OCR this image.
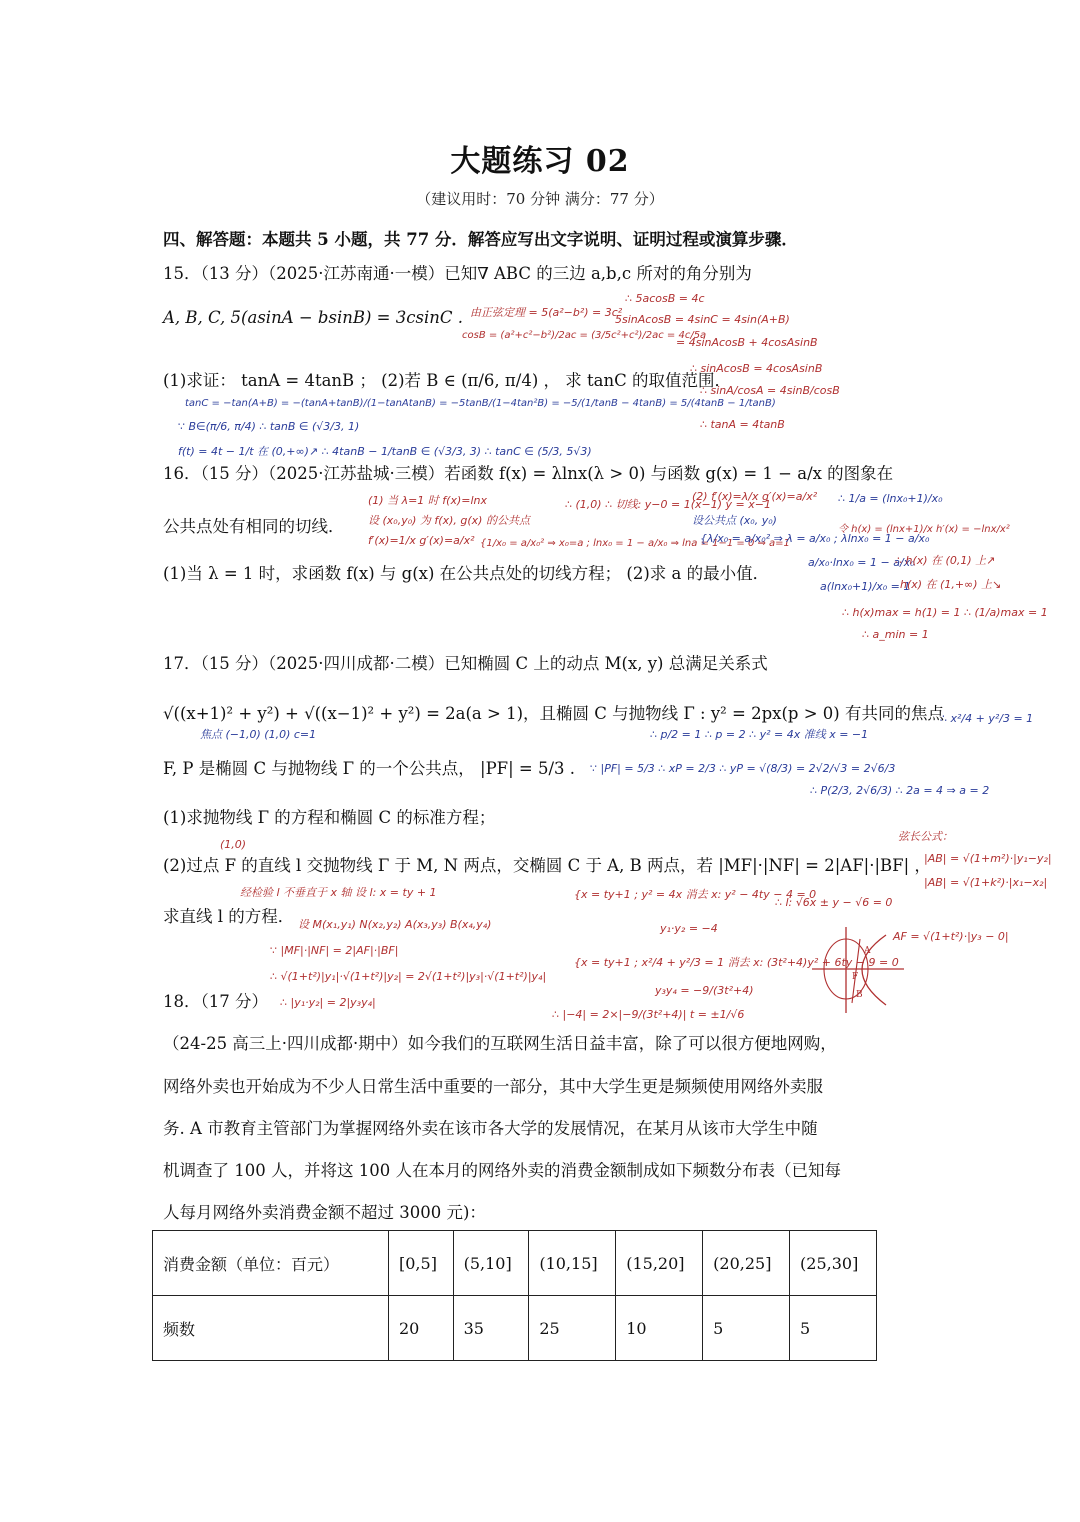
大题练习 02
（建议用时：70 分钟 满分：77 分）
四、解答题：本题共 5 小题，共 77 分．解答应写出文字说明、证明过程或演算步骤．
15．（13 分）（2025·江苏南通·一模）已知∇ ABC 的三边 a,b,c 所对的角分别为
A, B, C, 5(asinA − bsinB) = 3csinC .
(1)求证： tanA = 4tanB ； (2)若 B ∈ (π/6, π/4) ， 求 tanC 的取值范围．
由正弦定理 = 5(a²−b²) = 3c²
∴ 5acosB = 4c
5sinAcosB = 4sinC = 4sin(A+B)
cosB = (a²+c²−b²)/2ac = (3/5c²+c²)/2ac = 4c/5a
= 4sinAcosB + 4cosAsinB
∴ sinAcosB = 4cosAsinB
∴ sinA/cosA = 4sinB/cosB
∴ tanA = 4tanB
tanC = −tan(A+B) = −(tanA+tanB)/(1−tanAtanB) = −5tanB/(1−4tan²B) = −5/(1/tanB − 4tanB) = 5/(4tanB − 1/tanB)
∵ B∈(π/6, π/4) ∴ tanB ∈ (√3/3, 1)
f(t) = 4t − 1/t 在 (0,+∞)↗ ∴ 4tanB − 1/tanB ∈ (√3/3, 3) ∴ tanC ∈ (5/3, 5√3)
16．（15 分）（2025·江苏盐城·三模）若函数 f(x) = λlnx(λ > 0) 与函数 g(x) = 1 − a/x 的图象在
公共点处有相同的切线．
(1)当 λ = 1 时，求函数 f(x) 与 g(x) 在公共点处的切线方程； (2)求 a 的最小值．
(1) 当 λ=1 时 f(x)=lnx
设 (x₀,y₀) 为 f(x), g(x) 的公共点
f′(x)=1/x g′(x)=a/x² {1/x₀ = a/x₀² ⇒ x₀=a ; lnx₀ = 1 − a/x₀ ⇒ lna = 1−1 = 0 ⇒ a=1
∴ (1,0) ∴ 切线: y−0 = 1(x−1) y = x−1
(2) f′(x)=λ/x g′(x)=a/x²
设公共点 (x₀, y₀)
{λ/x₀ = a/x₀² ⇒ λ = a/x₀ ; λlnx₀ = 1 − a/x₀
a/x₀·lnx₀ = 1 − a/x₀
a(lnx₀+1)/x₀ = 1
∴ 1/a = (lnx₀+1)/x₀
令 h(x) = (lnx+1)/x h′(x) = −lnx/x²
∴ h(x) 在 (0,1) 上↗
h(x) 在 (1,+∞) 上↘
∴ h(x)max = h(1) = 1 ∴ (1/a)max = 1
∴ a_min = 1
17．（15 分）（2025·四川成都·二模）已知椭圆 C 上的动点 M(x, y) 总满足关系式
√((x+1)² + y²) + √((x−1)² + y²) = 2a(a > 1)，且椭圆 C 与抛物线 Γ : y² = 2px(p > 0) 有共同的焦点
F, P 是椭圆 C 与抛物线 Γ 的一个公共点， |PF| = 5/3 .
(1)求抛物线 Γ 的方程和椭圆 C 的标准方程；
(2)过点 F 的直线 l 交抛物线 Γ 于 M, N 两点，交椭圆 C 于 A, B 两点，若 |MF|·|NF| = 2|AF|·|BF| ，
求直线 l 的方程．
焦点 (−1,0) (1,0) c=1	∴ p/2 = 1 ∴ p = 2 ∴ y² = 4x 准线 x = −1
∴ x²/4 + y²/3 = 1
∵ |PF| = 5/3 ∴ xP = 2/3 ∴ yP = √(8/3) = 2√2/√3 = 2√6/3
∴ P(2/3, 2√6/3) ∴ 2a = 4 ⇒ a = 2
(1,0)
弦长公式：
|AB| = √(1+m²)·|y₁−y₂|
|AB| = √(1+k²)·|x₁−x₂|
经检验 l 不垂直于 x 轴 设 l: x = ty + 1
设 M(x₁,y₁) N(x₂,y₂) A(x₃,y₃) B(x₄,y₄)
{x = ty+1 ; y² = 4x 消去 x: y² − 4ty − 4 = 0
∴ l: √6x ± y − √6 = 0
y₁·y₂ = −4
AF = √(1+t²)·|y₃ − 0|
∵ |MF|·|NF| = 2|AF|·|BF|
∴ √(1+t²)|y₁|·√(1+t²)|y₂| = 2√(1+t²)|y₃|·√(1+t²)|y₄|
∴ |y₁·y₂| = 2|y₃y₄|
{x = ty+1 ; x²/4 + y²/3 = 1 消去 x: (3t²+4)y² + 6ty − 9 = 0
y₃y₄ = −9/(3t²+4)
∴ |−4| = 2×|−9/(3t²+4)| t = ±1/√6
A
F
B
18．（17 分）
（24-25 高三上·四川成都·期中）如今我们的互联网生活日益丰富，除了可以很方便地网购，
网络外卖也开始成为不少人日常生活中重要的一部分，其中大学生更是频频使用网络外卖服
务. A 市教育主管部门为掌握网络外卖在该市各大学的发展情况，在某月从该市大学生中随
机调查了 100 人，并将这 100 人在本月的网络外卖的消费金额制成如下频数分布表（已知每
人每月网络外卖消费金额不超过 3000 元)：
消费金额（单位：百元）	[0,5]	(5,10]	(10,15]	(15,20]	(20,25]	(25,30]
频数	20	35	25	10	5	5
